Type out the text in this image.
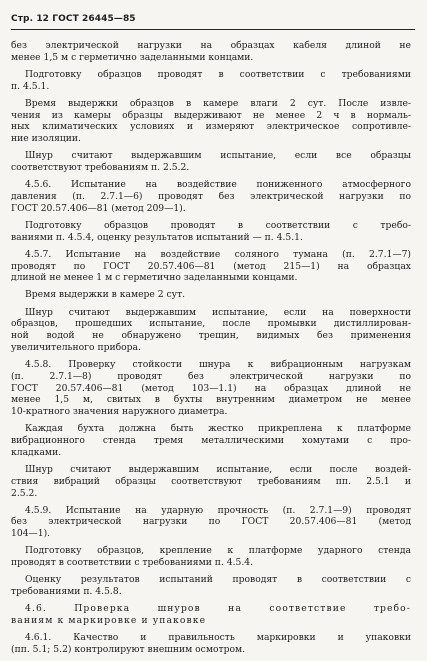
Стр. 12 ГОСТ 26445—85
без электрической нагрузки на образцах кабеля длиной не
менее 1,5 м с герметично заделанными концами.
Подготовку образцов проводят в соответствии с требованиями
п. 4.5.1.
Время выдержки образцов в камере влаги 2 сут. После извле-
чения из камеры образцы выдерживают не менее 2 ч в нормаль-
ных климатических условиях и измеряют электрическое сопротивле-
ние изоляции.
Шнур считают выдержавшим испытание, если все образцы
соответствуют требованиям п. 2.5.2.
4.5.6. Испытание на воздействие пониженного атмосферного
давления (п. 2.7.1—6) проводят без электрической нагрузки по
ГОСТ 20.57.406—81 (метод 209—1).
Подготовку образцов проводят в соответствии с требо-
ваниями п. 4.5.4, оценку результатов испытаний — п. 4.5.1.
4.5.7. Испытание на воздействие соляного тумана (п. 2.7.1—7)
проводят по ГОСТ 20.57.406—81 (метод 215—1) на образцах
длиной не менее 1 м с герметично заделанными концами.
Время выдержки в камере 2 сут.
Шнур считают выдержавшим испытание, если на поверхности
образцов, прошедших испытание, после промывки дистиллирован-
ной водой не обнаружено трещин, видимых без применения
увеличительного прибора.
4.5.8. Проверку стойкости шнура к вибрационным нагрузкам
(п. 2.7.1—8) проводят без электрической нагрузки по
ГОСТ 20.57.406—81 (метод 103—1.1) на образцах длиной не
менее 1,5 м, свитых в бухты внутренним диаметром не менее
10-кратного значения наружного диаметра.
Каждая бухта должна быть жестко прикреплена к платформе
вибрационного стенда тремя металлическими хомутами с про-
кладками.
Шнур считают выдержавшим испытание, если после воздей-
ствия вибраций образцы соответствуют требованиям пп. 2.5.1 и
2.5.2.
4.5.9. Испытание на ударную прочность (п. 2.7.1—9) проводят
без электрической нагрузки по ГОСТ 20.57.406—81 (метод
104—1).
Подготовку образцов, крепление к платформе ударного стенда
проводят в соответствии с требованиями п. 4.5.4.
Оценку результатов испытаний проводят в соответствии с
требованиями п. 4.5.8.
4.6. Проверка шнуров на соответствие требо-
ваниям к маркировке и упаковке
4.6.1. Качество и правильность маркировки и упаковки
(пп. 5.1; 5.2) контролируют внешним осмотром.
